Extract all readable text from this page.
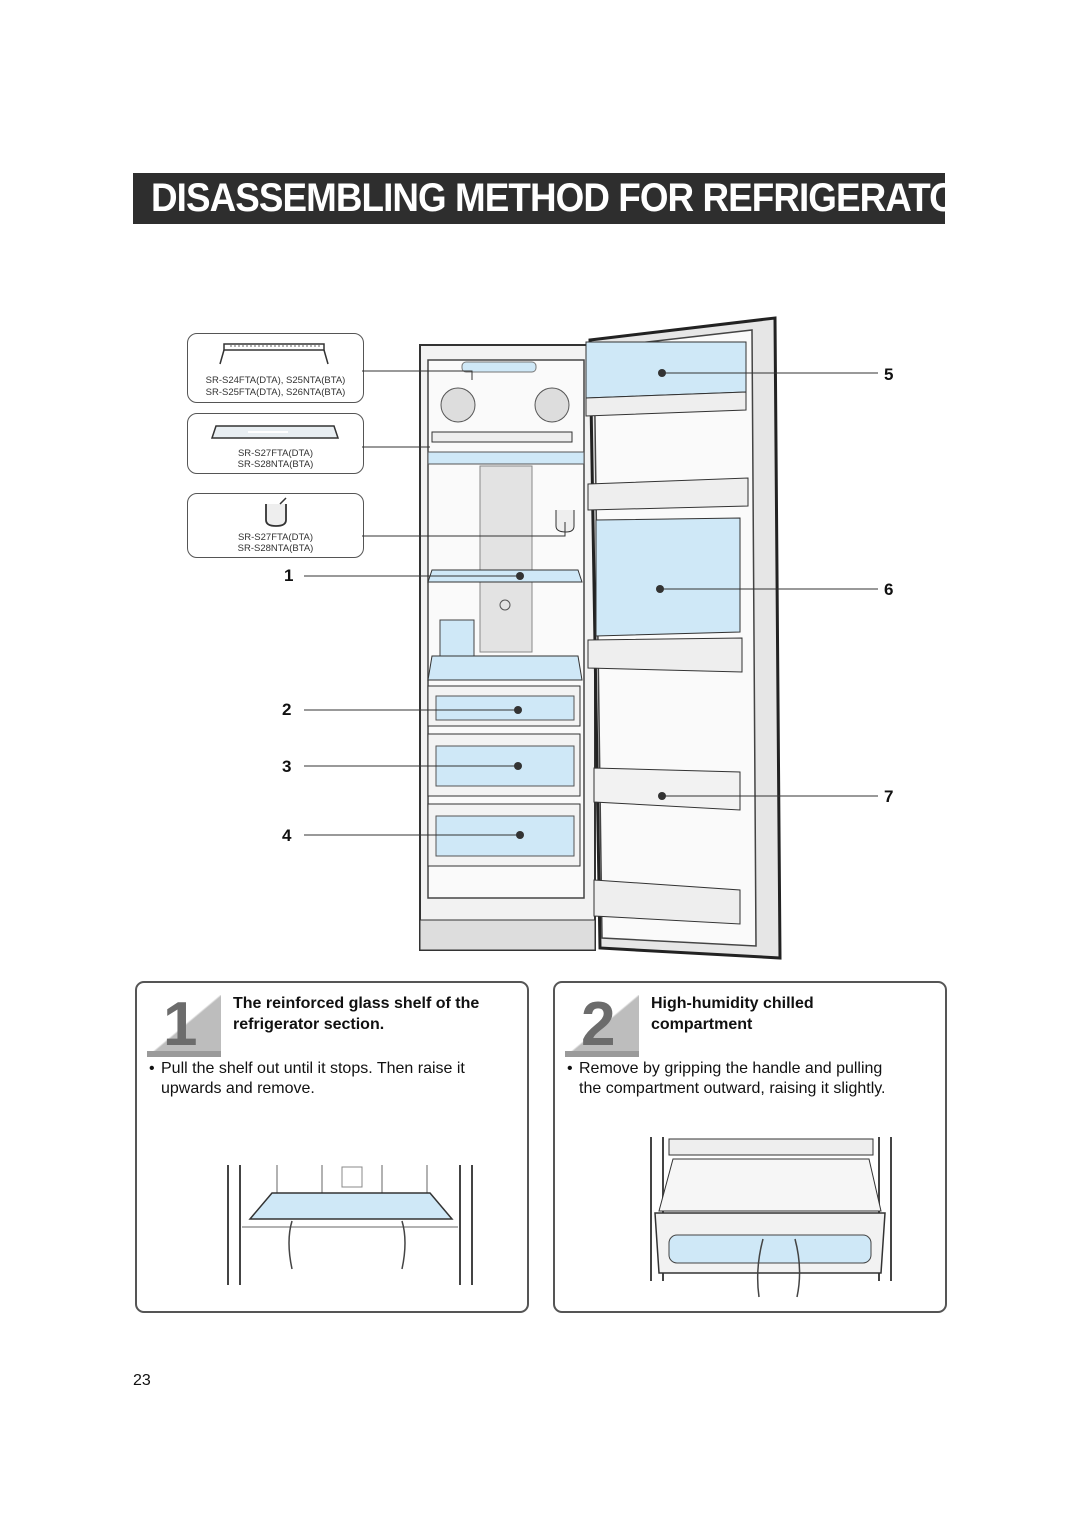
DISASSEMBLING METHOD FOR REFRIGERATOR
SR-S24FTA(DTA), S25NTA(BTA)
SR-S25FTA(DTA), S26NTA(BTA)
SR-S27FTA(DTA)
SR-S28NTA(BTA)
SR-S27FTA(DTA)
SR-S28NTA(BTA)
1
2
3
4
5
6
7
1 The reinforced glass shelf of the
refrigerator section.
• Pull the shelf out until it stops. Then raise it
upwards and remove.
2 High-humidity chilled
compartment
• Remove by gripping the handle and pulling
the compartment outward, raising it slightly.
23
